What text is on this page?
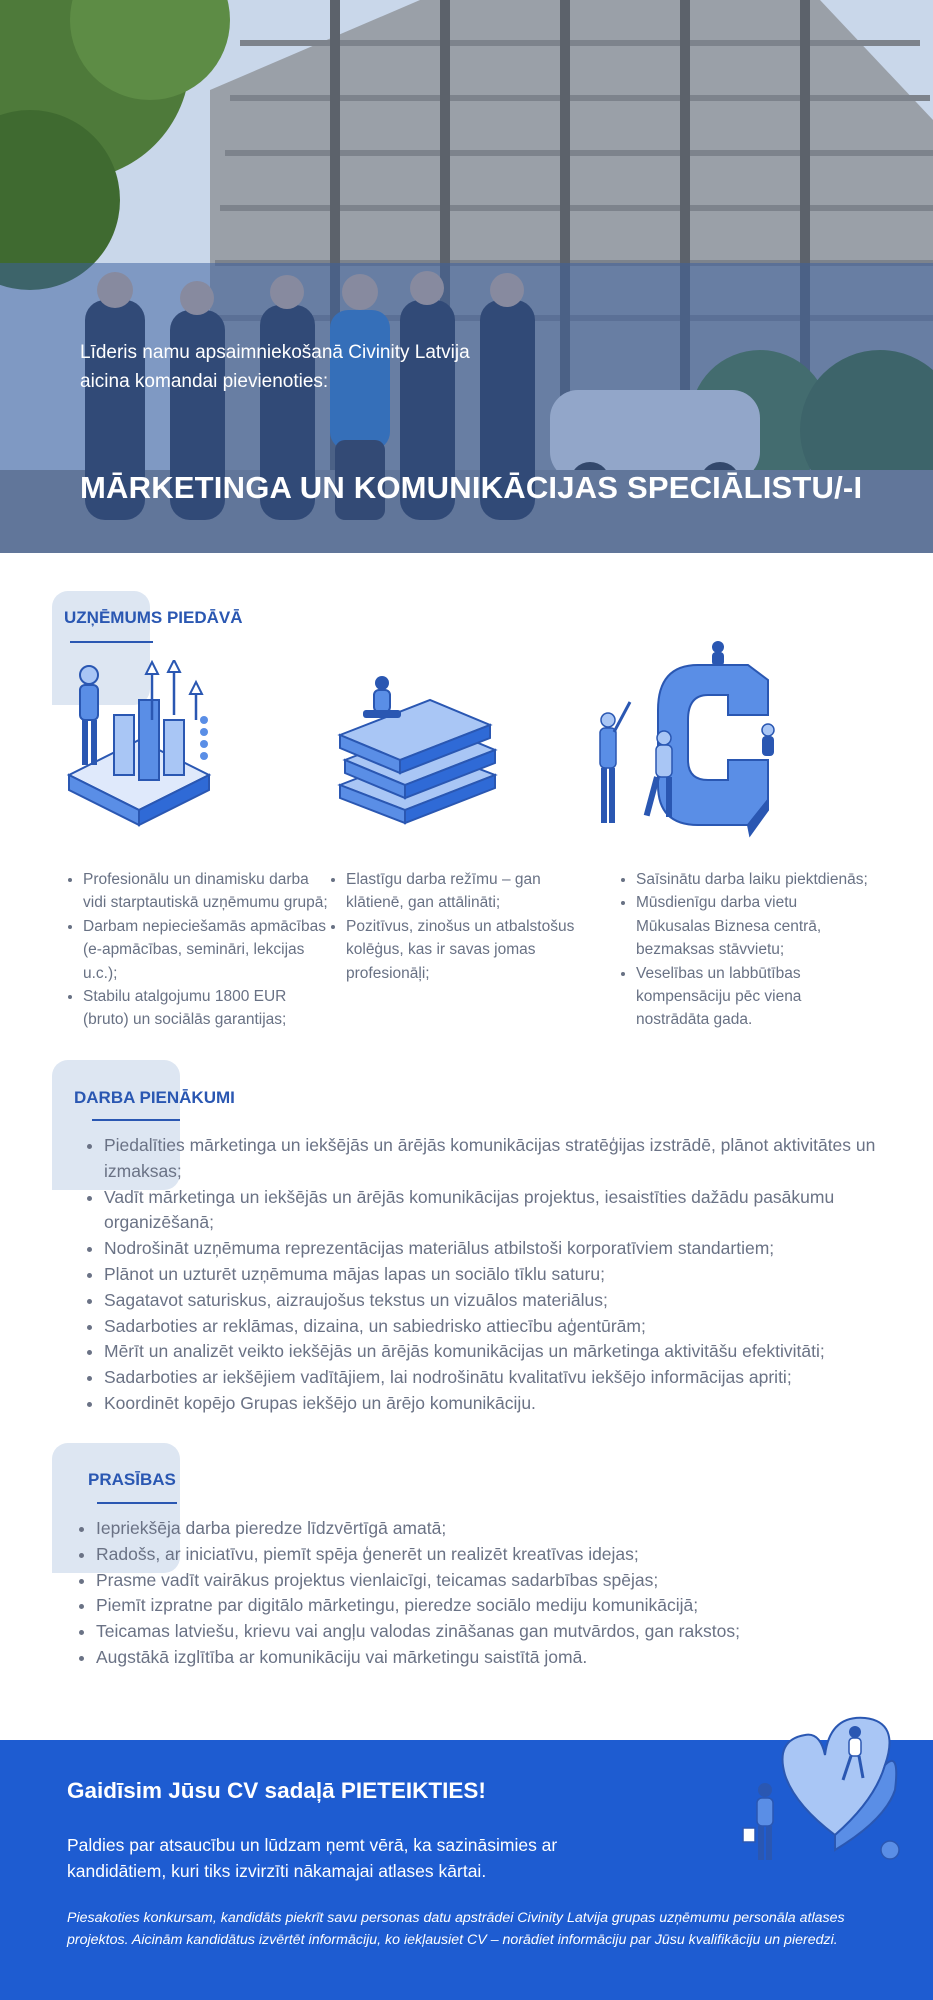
Līderis namu apsaimniekošanā Civinity Latvija
aicina komandai pievienoties:

MĀRKETINGA UN KOMUNIKĀCIJAS SPECIĀLISTU/-I
UZŅĒMUMS PIEDĀVĀ
• Profesionālu un dinamisku darba vidi starptautiskā uzņēmumu grupā;
• Darbam nepieciešamās apmācības (e-apmācības, semināri, lekcijas u.c.);
• Stabilu atalgojumu 1800 EUR (bruto) un sociālās garantijas;
• Elastīgu darba režīmu – gan klātienē, gan attālināti;
• Pozitīvus, zinošus un atbalstošus kolēģus, kas ir savas jomas profesionāļi;
• Saīsinātu darba laiku piektdienās;
• Mūsdienīgu darba vietu Mūkusalas Biznesa centrā, bezmaksas stāvvietu;
• Veselības un labbūtības kompensāciju pēc viena nostrādāta gada.
DARBA PIENĀKUMI
• Piedalīties mārketinga un iekšējās un ārējās komunikācijas stratēģijas izstrādē, plānot aktivitātes un izmaksas;
• Vadīt mārketinga un iekšējās un ārējās komunikācijas projektus, iesaistīties dažādu pasākumu organizēšanā;
• Nodrošināt uzņēmuma reprezentācijas materiālus atbilstoši korporatīviem standartiem;
• Plānot un uzturēt uzņēmuma mājas lapas un sociālo tīklu saturu;
• Sagatavot saturiskus, aizraujošus tekstus un vizuālos materiālus;
• Sadarboties ar reklāmas, dizaina, un sabiedrisko attiecību aģentūrām;
• Mērīt un analizēt veikto iekšējās un ārējās komunikācijas un mārketinga aktivitāšu efektivitāti;
• Sadarboties ar iekšējiem vadītājiem, lai nodrošinātu kvalitatīvu iekšējo informācijas apriti;
• Koordinēt kopējo Grupas iekšējo un ārējo komunikāciju.
PRASĪBAS
• Iepriekšēja darba pieredze līdzvērtīgā amatā;
• Radošs, ar iniciatīvu, piemīt spēja ģenerēt un realizēt kreatīvas idejas;
• Prasme vadīt vairākus projektus vienlaicīgi, teicamas sadarbības spējas;
• Piemīt izpratne par digitālo mārketingu, pieredze sociālo mediju komunikācijā;
• Teicamas latviešu, krievu vai angļu valodas zināšanas gan mutvārdos, gan rakstos;
• Augstākā izglītība ar komunikāciju vai mārketingu saistītā jomā.
Gaidīsim Jūsu CV sadaļā PIETEIKTIES!

Paldies par atsaucību un lūdzam ņemt vērā, ka sazināsimies ar kandidātiem, kuri tiks izvirzīti nākamajai atlases kārtai.

Piesakoties konkursam, kandidāts piekrīt savu personas datu apstrādei Civinity Latvija grupas uzņēmumu personāla atlases projektos. Aicinām kandidātus izvērtēt informāciju, ko iekļausiet CV – norādiet informāciju par Jūsu kvalifikāciju un pieredzi.
